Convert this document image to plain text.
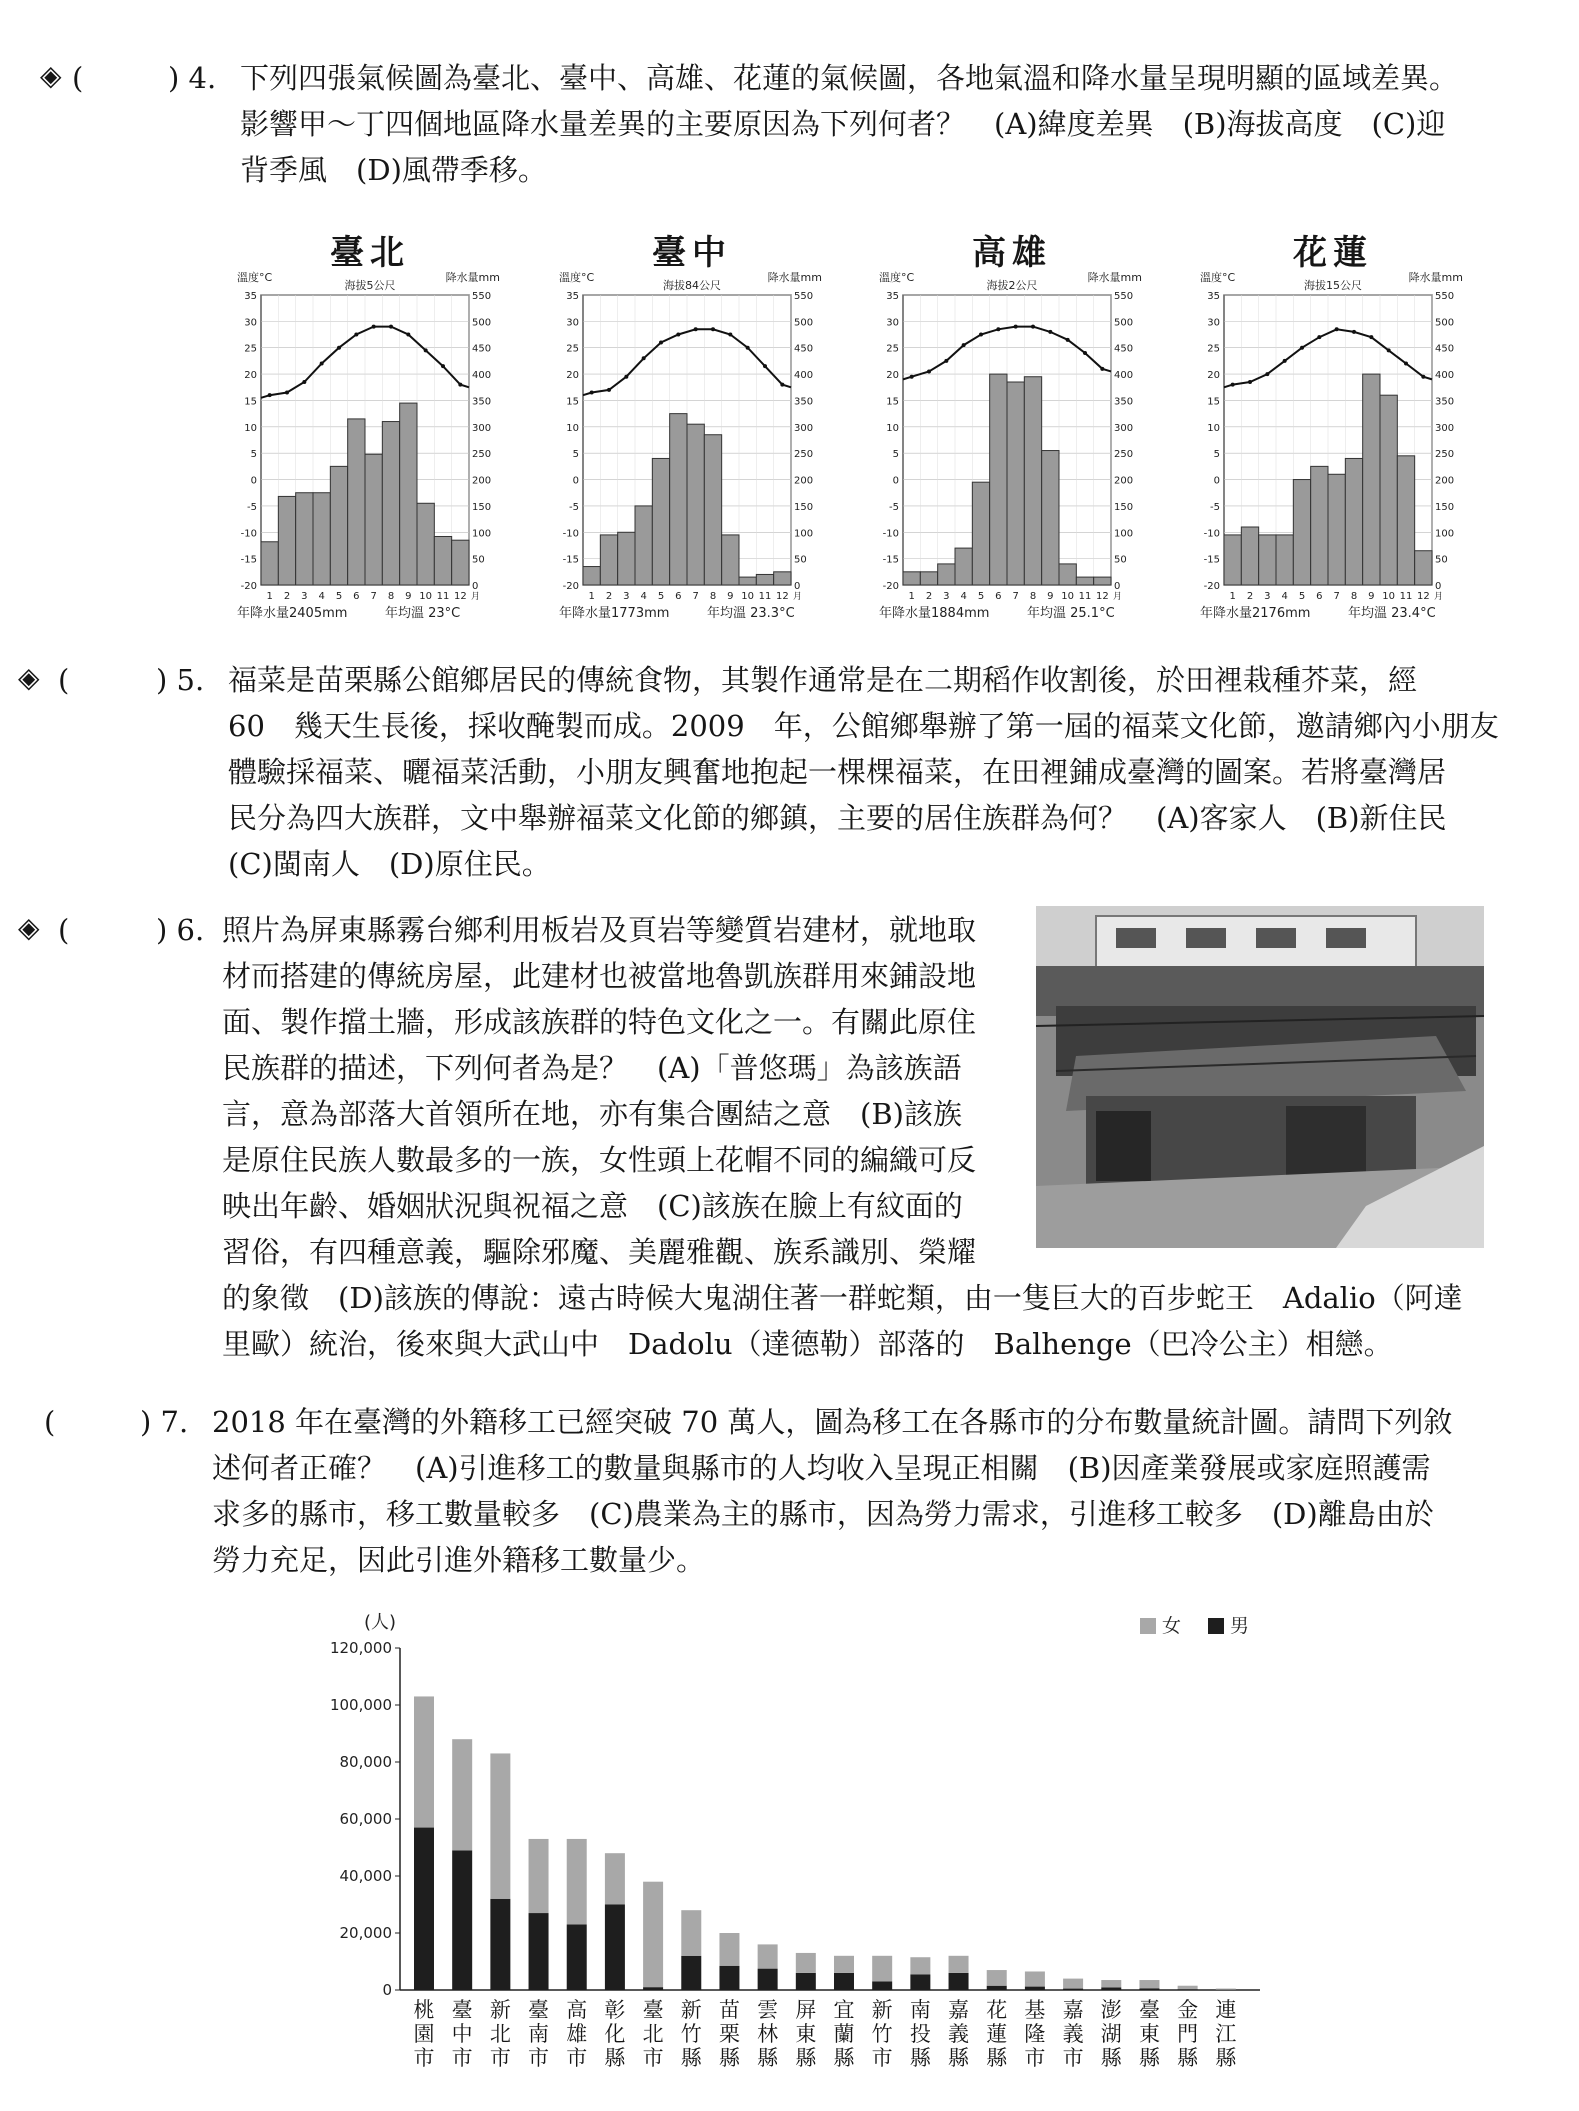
◈ (	) 4. 下列四張氣候圖為臺北、臺中、高雄、花蓮的氣候圖，各地氣溫和降水量呈現明顯的區域差異。
影響甲～丁四個地區降水量差異的主要原因為下列何者？　(A)緯度差異　(B)海拔高度　(C)迎
背季風　(D)風帶季移。
臺北
溫度°C
海拔5公尺
降水量mm
-20
-15
-10
-5
0
5
10
15
20
25
30
35
0
50
100
150
200
250
300
350
400
450
500
550
1 2 3 4 5 6 7 8 9 10 11 12 月
年降水量2405mm	年均溫 23°C
臺中
溫度°C
海拔84公尺
降水量mm
-20
-15
-10
-5
0
5
10
15
20
25
30
35
0
50
100
150
200
250
300
350
400
450
500
550
1 2 3 4 5 6 7 8 9 10 11 12 月
年降水量1773mm	年均溫 23.3°C
高雄
溫度°C
海拔2公尺
降水量mm
-20
-15
-10
-5
0
5
10
15
20
25
30
35
0
50
100
150
200
250
300
350
400
450
500
550
1 2 3 4 5 6 7 8 9 10 11 12 月
年降水量1884mm	年均溫 25.1°C
花蓮
溫度°C
海拔15公尺
降水量mm
-20
-15
-10
-5
0
5
10
15
20
25
30
35
0
50
100
150
200
250
300
350
400
450
500
550
1 2 3 4 5 6 7 8 9 10 11 12 月
年降水量2176mm	年均溫 23.4°C
◈ (	) 5. 福菜是苗栗縣公館鄉居民的傳統食物，其製作通常是在二期稻作收割後，於田裡栽種芥菜，經
60　幾天生長後，採收醃製而成。2009　年，公館鄉舉辦了第一屆的福菜文化節，邀請鄉內小朋友
體驗採福菜、曬福菜活動，小朋友興奮地抱起一棵棵福菜，在田裡鋪成臺灣的圖案。若將臺灣居
民分為四大族群，文中舉辦福菜文化節的鄉鎮，主要的居住族群為何？　(A)客家人　(B)新住民
(C)閩南人　(D)原住民。
◈ (	) 6. 照片為屏東縣霧台鄉利用板岩及頁岩等變質岩建材，就地取
材而搭建的傳統房屋，此建材也被當地魯凱族群用來鋪設地
面、製作擋土牆，形成該族群的特色文化之一。有關此原住
民族群的描述，下列何者為是？　(A)「普悠瑪」為該族語
言，意為部落大首領所在地，亦有集合團結之意　(B)該族
是原住民族人數最多的一族，女性頭上花帽不同的編織可反
映出年齡、婚姻狀況與祝福之意　(C)該族在臉上有紋面的
習俗，有四種意義，驅除邪魔、美麗雅觀、族系識別、榮耀
的象徵　(D)該族的傳說：遠古時候大鬼湖住著一群蛇類，由一隻巨大的百步蛇王　Adalio（阿達
里歐）統治，後來與大武山中　Dadolu（達德勒）部落的　Balhenge（巴冷公主）相戀。
(	) 7. 2018 年在臺灣的外籍移工已經突破 70 萬人，圖為移工在各縣市的分布數量統計圖。請問下列敘
述何者正確？　(A)引進移工的數量與縣市的人均收入呈現正相關　(B)因產業發展或家庭照護需
求多的縣市，移工數量較多　(C)農業為主的縣市，因為勞力需求，引進移工較多　(D)離島由於
勞力充足，因此引進外籍移工數量少。
(人)	女	男
120,000
100,000
80,000
60,000
40,000
20,000
0
桃園市
臺中市
新北市
臺南市
高雄市
彰化縣
臺北市
新竹縣
苗栗縣
雲林縣
屏東縣
宜蘭縣
新竹市
南投縣
嘉義縣
花蓮縣
基隆市
嘉義市
澎湖縣
臺東縣
金門縣
連江縣
